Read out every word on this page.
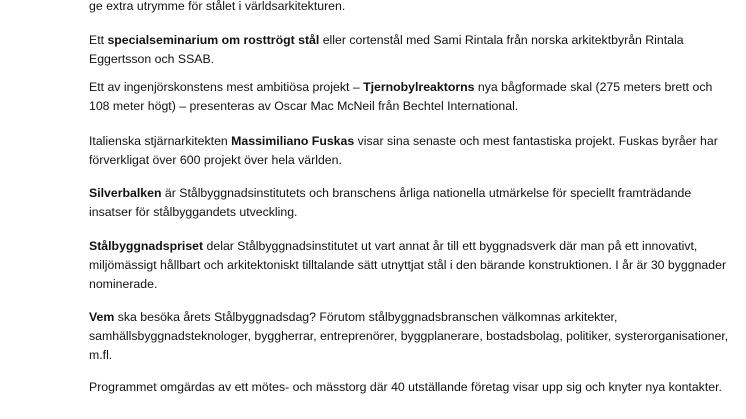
ge extra utrymme för stålet i världsarkitekturen.

Ett specialseminarium om rosttrögt stål eller cortenstål med Sami Rintala från norska arkitektbyrån Rintala Eggertsson och SSAB.

Ett av ingenjörskonstens mest ambitiösa projekt – Tjernobylreaktorns nya bågformade skal (275 meters brett och 108 meter högt) – presenteras av Oscar Mac McNeil från Bechtel International.

Italienska stjärnarkitekten Massimiliano Fuskas visar sina senaste och mest fantastiska projekt. Fuskas byråer har förverkligat över 600 projekt över hela världen.

Silverbalken är Stålbyggnadsinstitutets och branschens årliga nationella utmärkelse för speciellt framträdande insatser för stålbyggandets utveckling.

Stålbyggnadspriset delar Stålbyggnadsinstitutet ut vart annat år till ett byggnadsverk där man på ett innovativt, miljömässigt hållbart och arkitektoniskt tilltalande sätt utnyttjat stål i den bärande konstruktionen. I år är 30 byggnader nominerade.

Vem ska besöka årets Stålbyggnadsdag? Förutom stålbyggnadsbranschen välkomnas arkitekter, samhällsbyggnadsteknologer, byggherrar, entreprenörer, byggplanerare, bostadsbolag, politiker, systerorganisationer, m.fl.

Programmet omgärdas av ett mötes- och mässtorg där 40 utställande företag visar upp sig och knyter nya kontakter.
